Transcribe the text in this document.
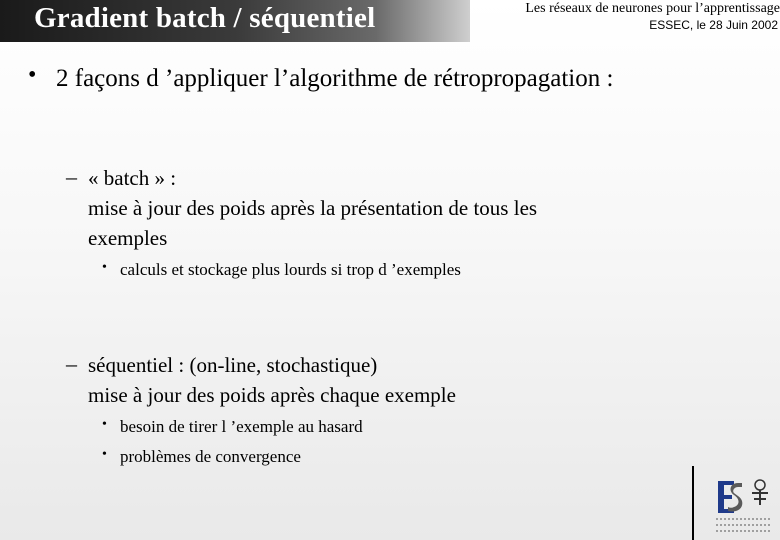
Gradient batch / séquentiel	Les réseaux de neurones pour l’apprentissage
ESSEC, le 28 Juin 2002
• 2 façons d ’appliquer l’algorithme de rétropropagation :
– « batch » :
mise à jour des poids après la présentation de tous les
exemples
• calculs et stockage plus lourds si trop d ’exemples
– séquentiel : (on-line, stochastique)
mise à jour des poids après chaque exemple
• besoin de tirer l ’exemple au hasard
• problèmes de convergence
